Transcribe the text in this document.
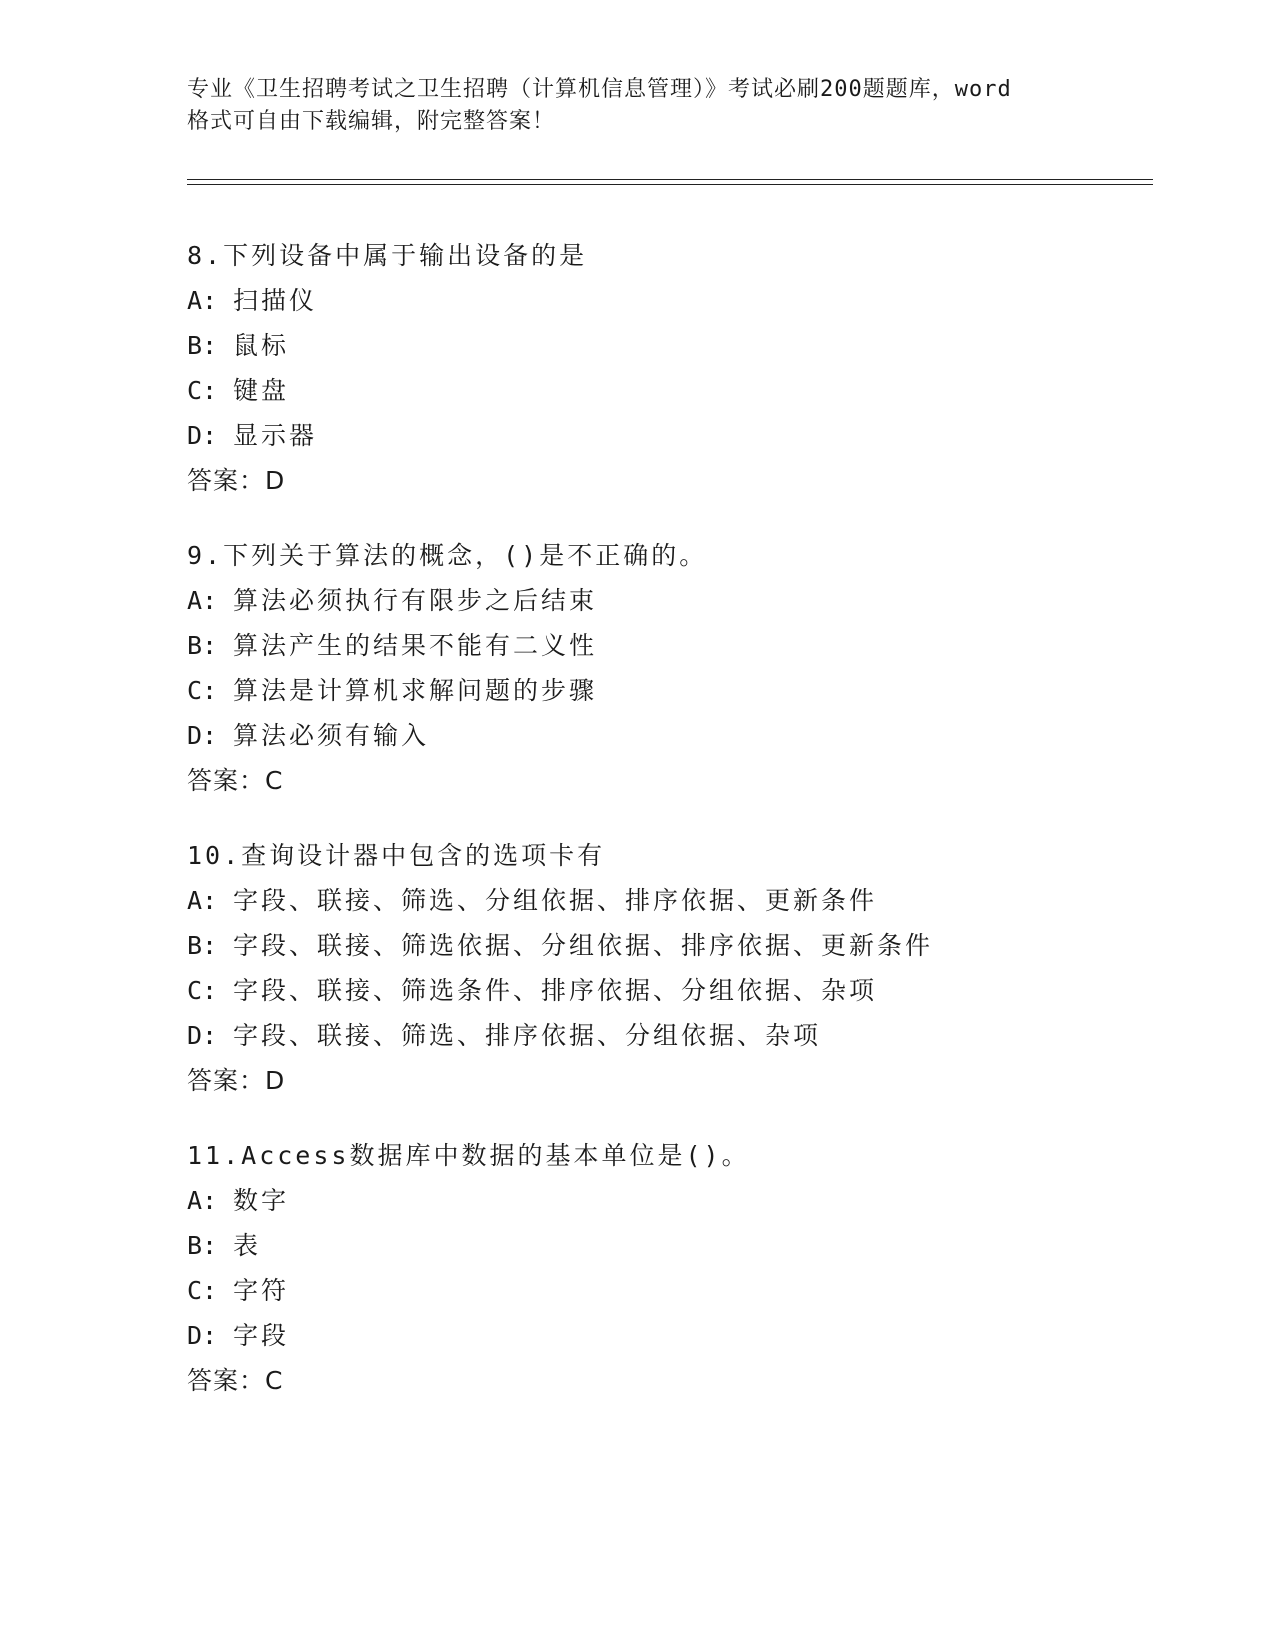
专业《卫生招聘考试之卫生招聘（计算机信息管理）》考试必刷200题题库，word

格式可自由下载编辑，附完整答案！

8.下列设备中属于输出设备的是
A: 扫描仪
B: 鼠标
C: 键盘
D: 显示器
答案：D
9.下列关于算法的概念，()是不正确的。
A: 算法必须执行有限步之后结束
B: 算法产生的结果不能有二义性
C: 算法是计算机求解问题的步骤
D: 算法必须有输入
答案：C
10.查询设计器中包含的选项卡有
A: 字段、联接、筛选、分组依据、排序依据、更新条件
B: 字段、联接、筛选依据、分组依据、排序依据、更新条件
C: 字段、联接、筛选条件、排序依据、分组依据、杂项
D: 字段、联接、筛选、排序依据、分组依据、杂项
答案：D
11.Access数据库中数据的基本单位是()。
A: 数字
B: 表
C: 字符
D: 字段
答案：C
